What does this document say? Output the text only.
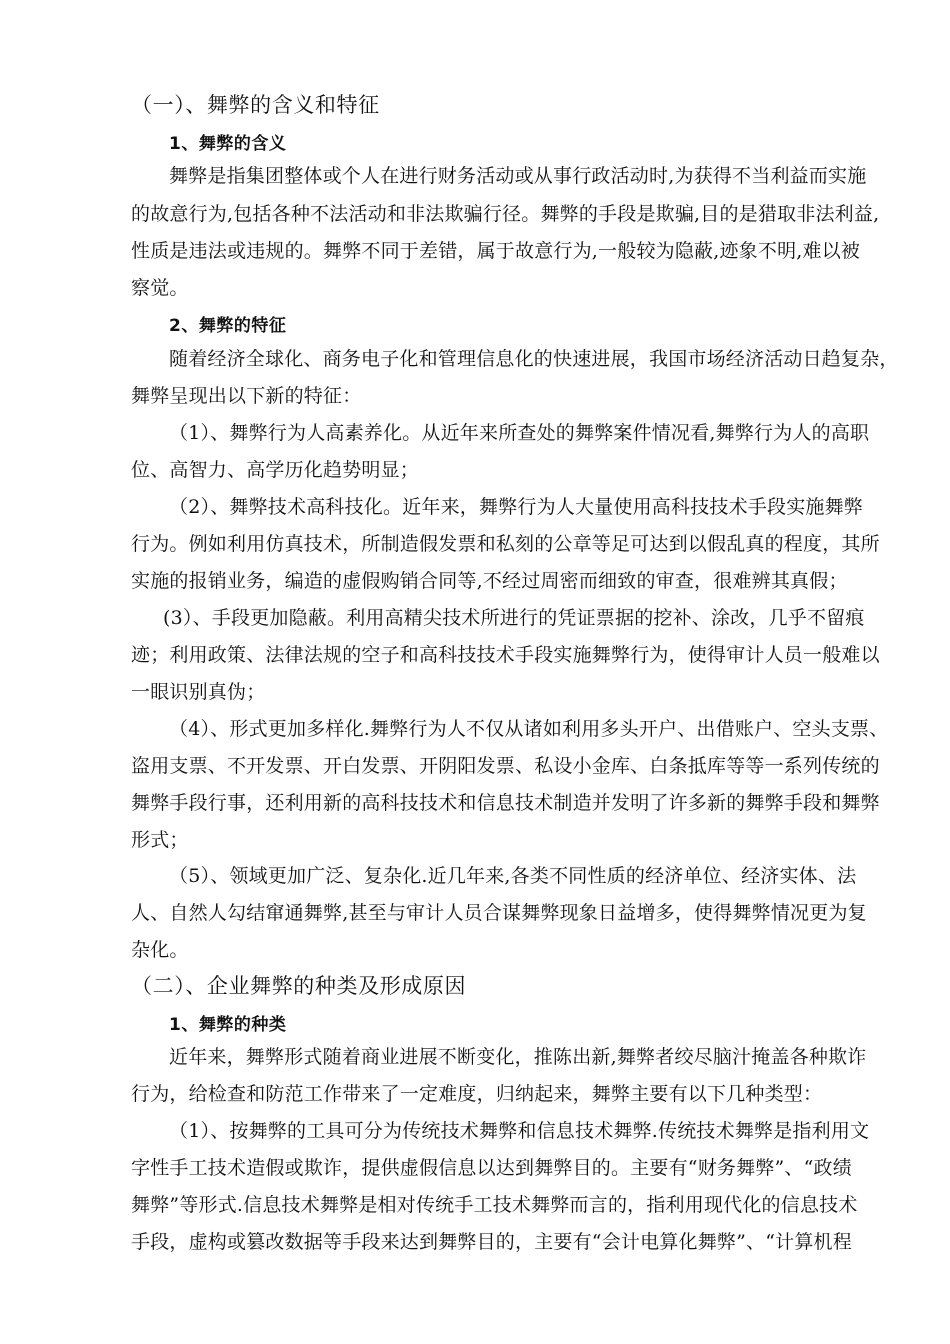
（一）、舞弊的含义和特征
1、舞弊的含义
舞弊是指集团整体或个人在进行财务活动或从事行政活动时,为获得不当利益而实施
的故意行为,包括各种不法活动和非法欺骗行径。舞弊的手段是欺骗,目的是猎取非法利益,
性质是违法或违规的。舞弊不同于差错，属于故意行为,一般较为隐蔽,迹象不明,难以被
察觉。
2、舞弊的特征
随着经济全球化、商务电子化和管理信息化的快速进展，我国市场经济活动日趋复杂，
舞弊呈现出以下新的特征：
（1）、舞弊行为人高素养化。从近年来所查处的舞弊案件情况看,舞弊行为人的高职
位、高智力、高学历化趋势明显；
（2）、舞弊技术高科技化。近年来，舞弊行为人大量使用高科技技术手段实施舞弊
行为。例如利用仿真技术，所制造假发票和私刻的公章等足可达到以假乱真的程度，其所
实施的报销业务，编造的虚假购销合同等,不经过周密而细致的审查，很难辨其真假；
(3）、手段更加隐蔽。利用高精尖技术所进行的凭证票据的挖补、涂改，几乎不留痕
迹；利用政策、法律法规的空子和高科技技术手段实施舞弊行为，使得审计人员一般难以
一眼识别真伪；
（4）、形式更加多样化.舞弊行为人不仅从诸如利用多头开户、出借账户、空头支票、
盗用支票、不开发票、开白发票、开阴阳发票、私设小金库、白条抵库等等一系列传统的
舞弊手段行事，还利用新的高科技技术和信息技术制造并发明了许多新的舞弊手段和舞弊
形式；
（5）、领域更加广泛、复杂化.近几年来,各类不同性质的经济单位、经济实体、法
人、自然人勾结窜通舞弊,甚至与审计人员合谋舞弊现象日益增多，使得舞弊情况更为复
杂化。
（二）、企业舞弊的种类及形成原因
1、舞弊的种类
近年来，舞弊形式随着商业进展不断变化，推陈出新,舞弊者绞尽脑汁掩盖各种欺诈
行为，给检查和防范工作带来了一定难度，归纳起来，舞弊主要有以下几种类型：
（1）、按舞弊的工具可分为传统技术舞弊和信息技术舞弊.传统技术舞弊是指利用文
字性手工技术造假或欺诈，提供虚假信息以达到舞弊目的。主要有“财务舞弊”、“政绩
舞弊”等形式.信息技术舞弊是相对传统手工技术舞弊而言的，指利用现代化的信息技术
手段，虚构或篡改数据等手段来达到舞弊目的，主要有“会计电算化舞弊”、“计算机程
